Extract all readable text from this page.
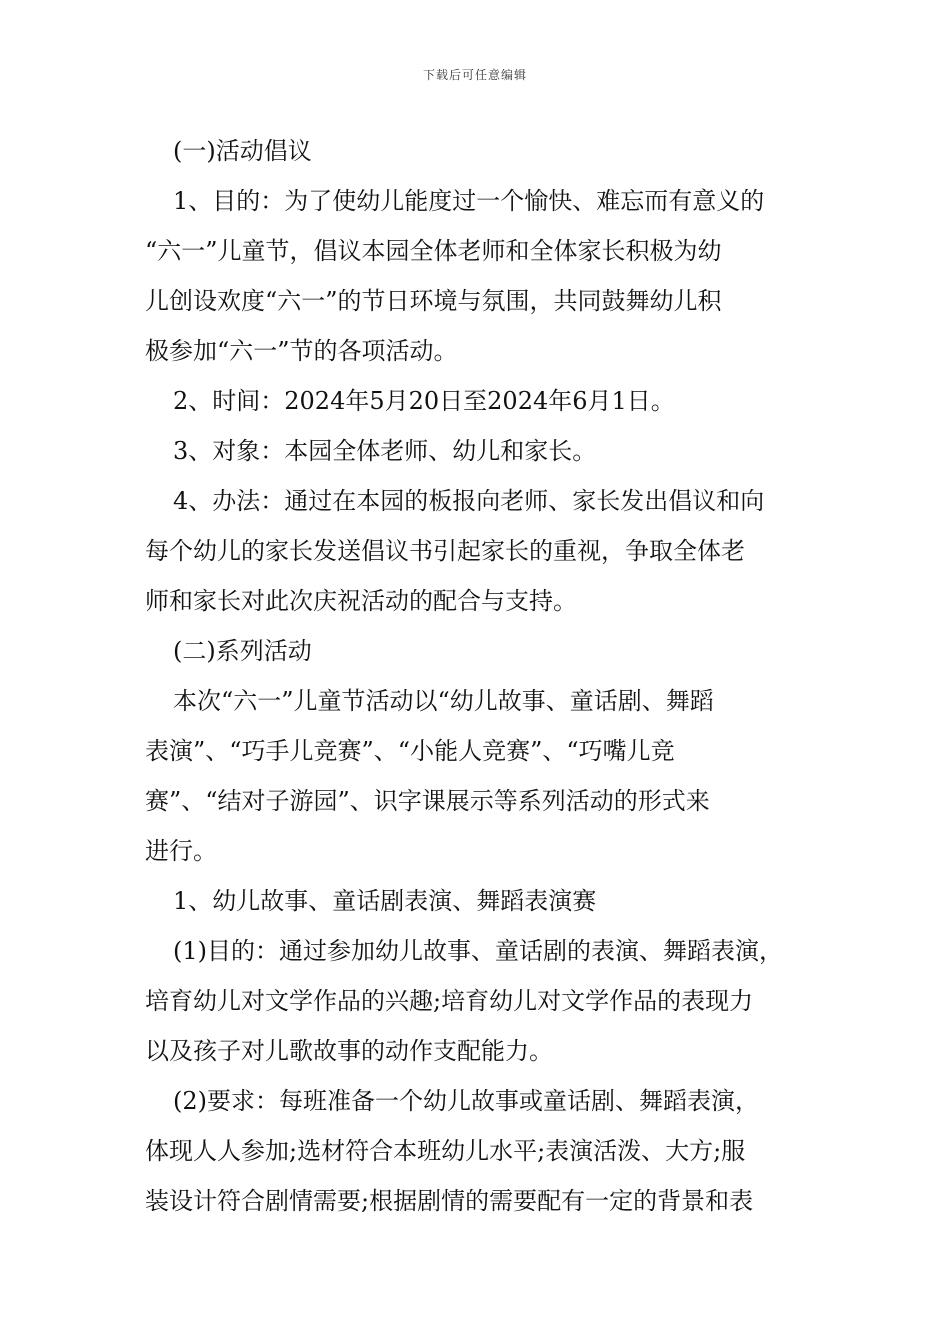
下载后可任意编辑

(一)活动倡议

1、目的：为了使幼儿能度过一个愉快、难忘而有意义的

“六一”儿童节，倡议本园全体老师和全体家长积极为幼

儿创设欢度“六一”的节日环境与氛围，共同鼓舞幼儿积

极参加“六一”节的各项活动。

2、时间：2024年5月20日至2024年6月1日。

3、对象：本园全体老师、幼儿和家长。

4、办法：通过在本园的板报向老师、家长发出倡议和向

每个幼儿的家长发送倡议书引起家长的重视，争取全体老

师和家长对此次庆祝活动的配合与支持。

(二)系列活动

本次“六一”儿童节活动以“幼儿故事、童话剧、舞蹈

表演”、“巧手儿竞赛”、“小能人竞赛”、“巧嘴儿竞

赛”、“结对子游园”、识字课展示等系列活动的形式来

进行。

1、幼儿故事、童话剧表演、舞蹈表演赛

(1)目的：通过参加幼儿故事、童话剧的表演、舞蹈表演，

培育幼儿对文学作品的兴趣;培育幼儿对文学作品的表现力

以及孩子对儿歌故事的动作支配能力。

(2)要求：每班准备一个幼儿故事或童话剧、舞蹈表演，

体现人人参加;选材符合本班幼儿水平;表演活泼、大方;服

装设计符合剧情需要;根据剧情的需要配有一定的背景和表
